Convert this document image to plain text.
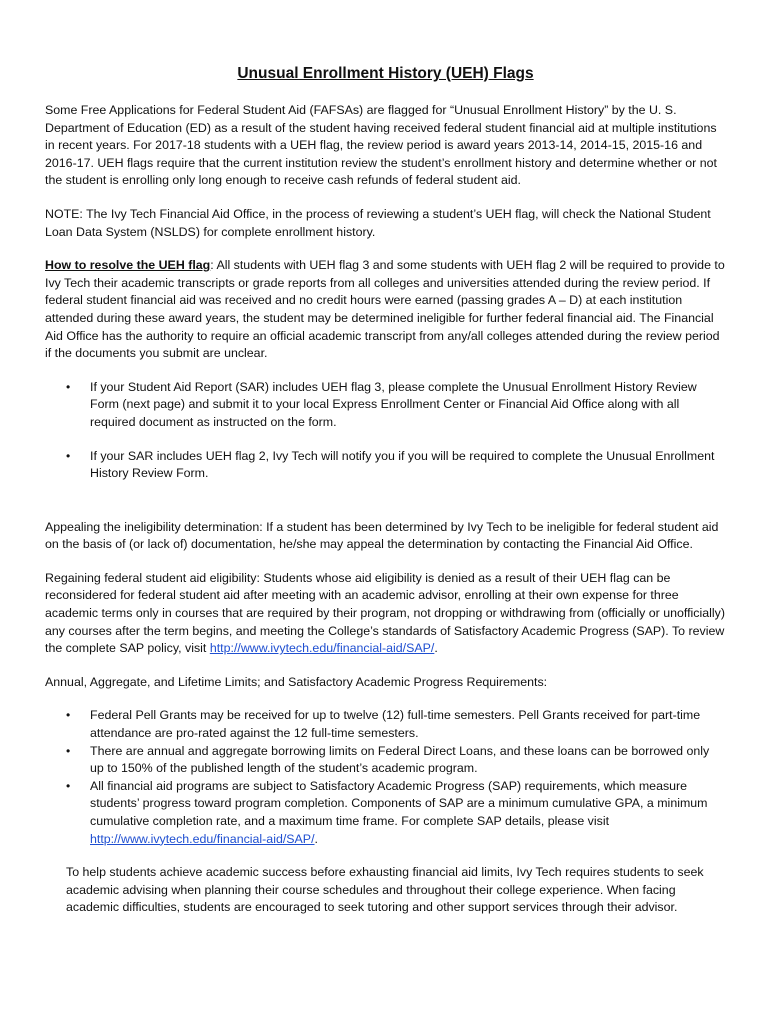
Unusual Enrollment History (UEH) Flags

Some Free Applications for Federal Student Aid (FAFSAs) are flagged for “Unusual Enrollment History” by the U. S. Department of Education (ED) as a result of the student having received federal student financial aid at multiple institutions in recent years. For 2017-18 students with a UEH flag, the review period is award years 2013-14, 2014-15, 2015-16 and 2016-17. UEH flags require that the current institution review the student’s enrollment history and determine whether or not the student is enrolling only long enough to receive cash refunds of federal student aid.

NOTE: The Ivy Tech Financial Aid Office, in the process of reviewing a student’s UEH flag, will check the National Student Loan Data System (NSLDS) for complete enrollment history.

How to resolve the UEH flag: All students with UEH flag 3 and some students with UEH flag 2 will be required to provide to Ivy Tech their academic transcripts or grade reports from all colleges and universities attended during the review period. If federal student financial aid was received and no credit hours were earned (passing grades A – D) at each institution attended during these award years, the student may be determined ineligible for further federal financial aid. The Financial Aid Office has the authority to require an official academic transcript from any/all colleges attended during the review period if the documents you submit are unclear.

• If your Student Aid Report (SAR) includes UEH flag 3, please complete the Unusual Enrollment History Review Form (next page) and submit it to your local Express Enrollment Center or Financial Aid Office along with all required document as instructed on the form.
• If your SAR includes UEH flag 2, Ivy Tech will notify you if you will be required to complete the Unusual Enrollment History Review Form.

Appealing the ineligibility determination: If a student has been determined by Ivy Tech to be ineligible for federal student aid on the basis of (or lack of) documentation, he/she may appeal the determination by contacting the Financial Aid Office.

Regaining federal student aid eligibility: Students whose aid eligibility is denied as a result of their UEH flag can be reconsidered for federal student aid after meeting with an academic advisor, enrolling at their own expense for three academic terms only in courses that are required by their program, not dropping or withdrawing from (officially or unofficially) any courses after the term begins, and meeting the College’s standards of Satisfactory Academic Progress (SAP). To review the complete SAP policy, visit http://www.ivytech.edu/financial-aid/SAP/.

Annual, Aggregate, and Lifetime Limits; and Satisfactory Academic Progress Requirements:

• Federal Pell Grants may be received for up to twelve (12) full-time semesters. Pell Grants received for part-time attendance are pro-rated against the 12 full-time semesters.
• There are annual and aggregate borrowing limits on Federal Direct Loans, and these loans can be borrowed only up to 150% of the published length of the student’s academic program.
• All financial aid programs are subject to Satisfactory Academic Progress (SAP) requirements, which measure students’ progress toward program completion. Components of SAP are a minimum cumulative GPA, a minimum cumulative completion rate, and a maximum time frame. For complete SAP details, please visit http://www.ivytech.edu/financial-aid/SAP/.

To help students achieve academic success before exhausting financial aid limits, Ivy Tech requires students to seek academic advising when planning their course schedules and throughout their college experience. When facing academic difficulties, students are encouraged to seek tutoring and other support services through their advisor.
